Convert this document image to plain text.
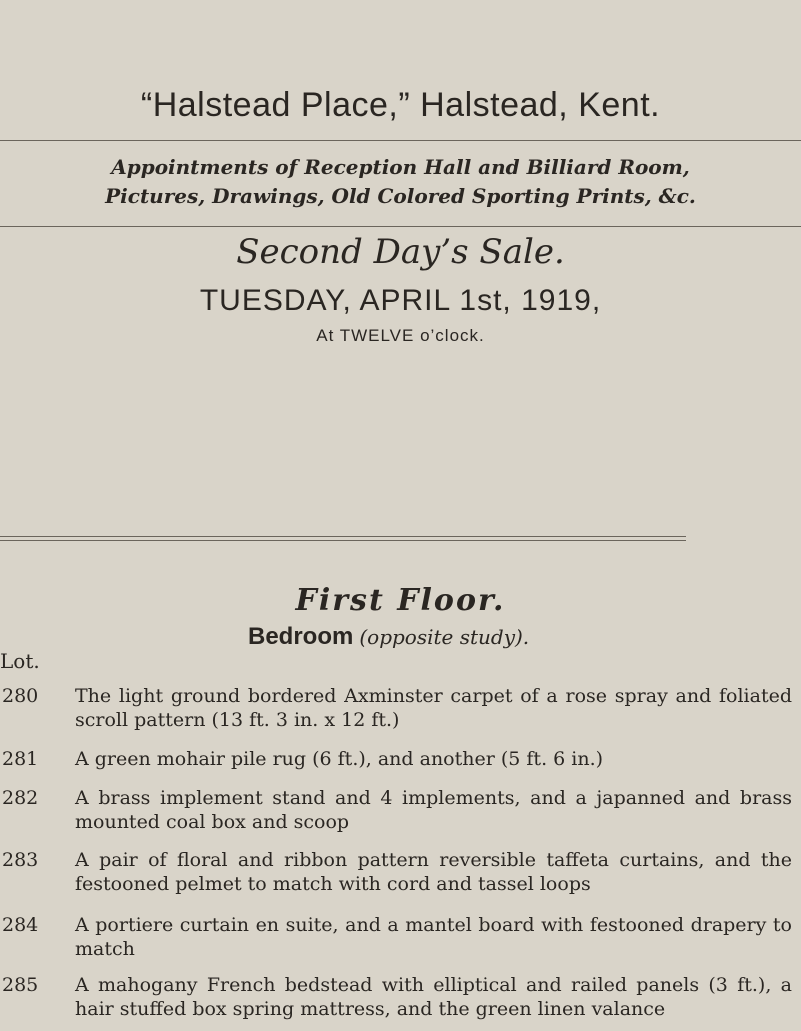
“Halstead Place,” Halstead, Kent.
Appointments of Reception Hall and Billiard Room,
Pictures, Drawings, Old Colored Sporting Prints, &c.
Second Day’s Sale.
TUESDAY, APRIL 1st, 1919,
At TWELVE o’clock.
First Floor.
Bedroom (opposite study).
Lot.
280 The light ground bordered Axminster carpet of a rose spray and foliated scroll pattern (13 ft. 3 in. x 12 ft.)
281 A green mohair pile rug (6 ft.), and another (5 ft. 6 in.)
282 A brass implement stand and 4 implements, and a japanned and brass mounted coal box and scoop
283 A pair of floral and ribbon pattern reversible taffeta curtains, and the festooned pelmet to match with cord and tassel loops
284 A portiere curtain en suite, and a mantel board with festooned drapery to match
285 A mahogany French bedstead with elliptical and railed panels (3 ft.), a hair stuffed box spring mattress, and the green linen valance
